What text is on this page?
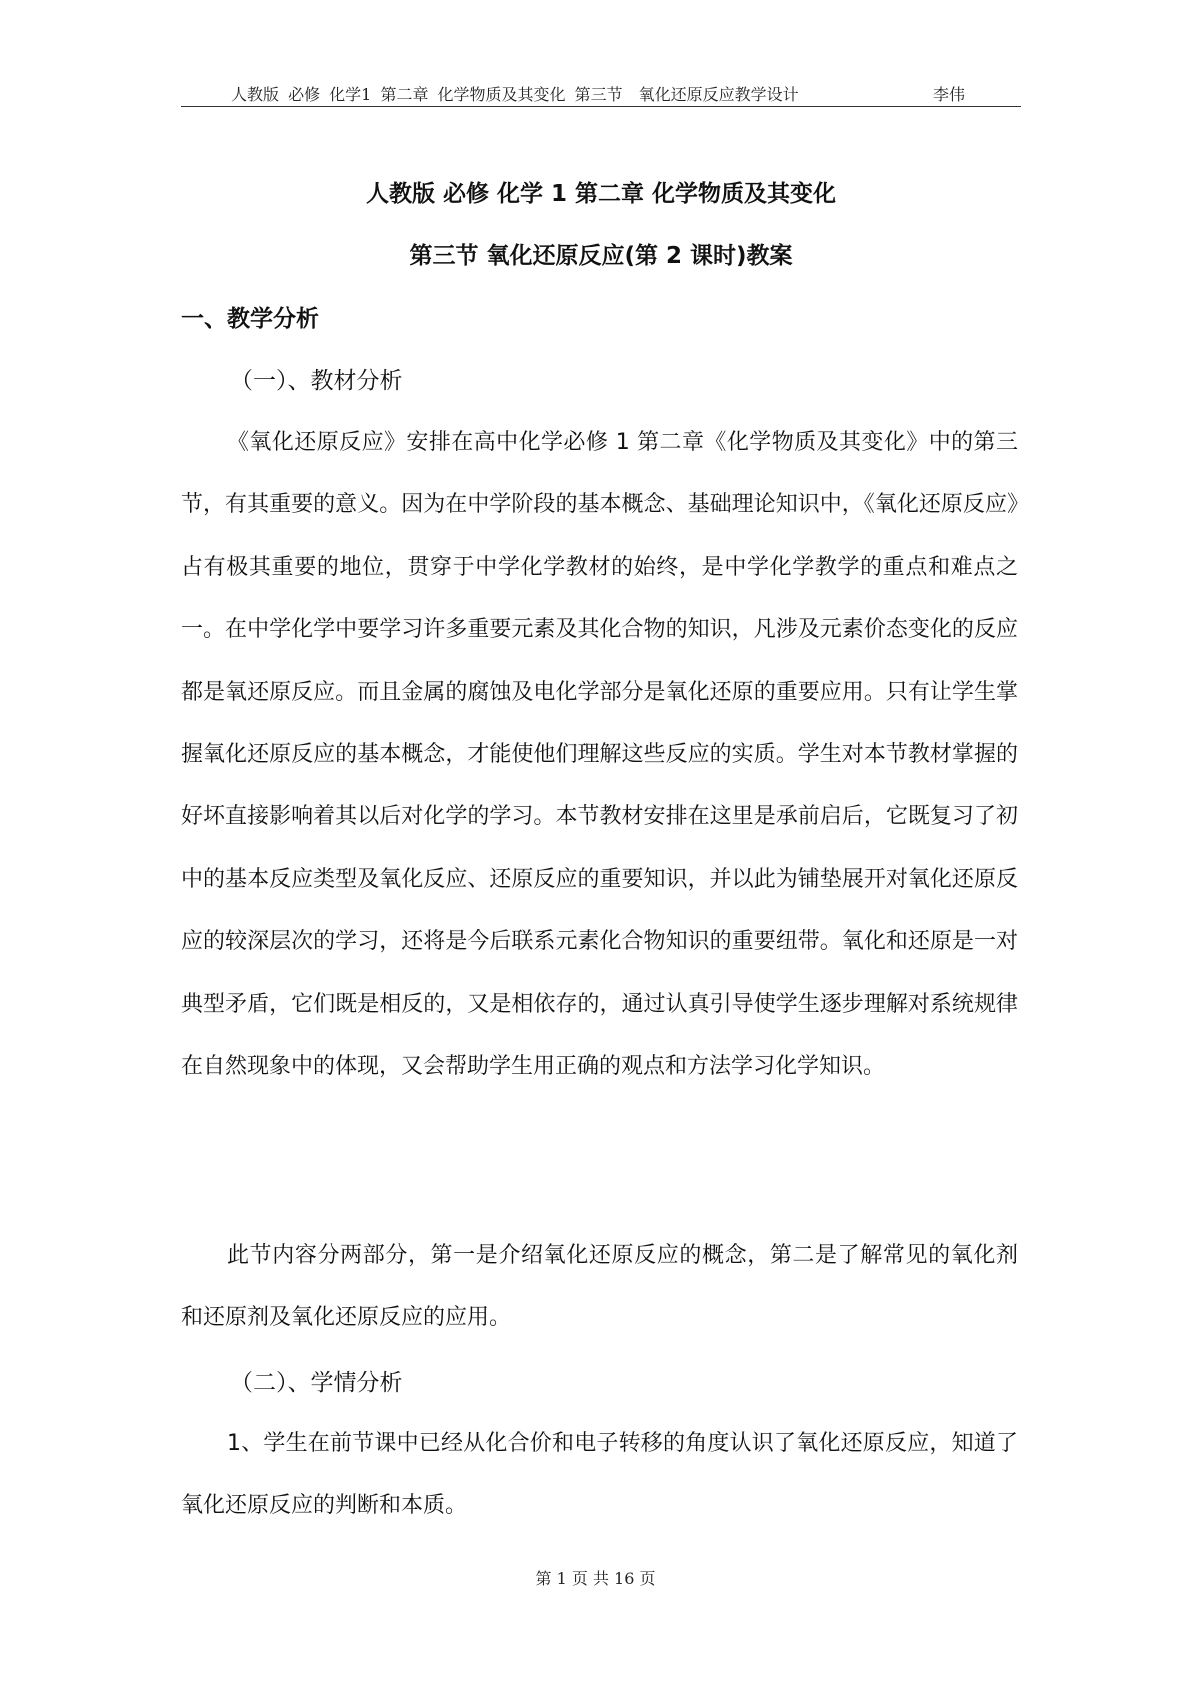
人教版 必修 化学1 第二章 化学物质及其变化 第三节　氧化还原反应教学设计	李伟
人教版 必修 化学 1 第二章 化学物质及其变化
第三节 氧化还原反应(第 2 课时)教案
一、教学分析
（一）、教材分析

《氧化还原反应》安排在高中化学必修 1 第二章《化学物质及其变化》中的第三节，有其重要的意义。因为在中学阶段的基本概念、基础理论知识中，《氧化还原反应》占有极其重要的地位，贯穿于中学化学教材的始终，是中学化学教学的重点和难点之一。在中学化学中要学习许多重要元素及其化合物的知识，凡涉及元素价态变化的反应都是氧还原反应。而且金属的腐蚀及电化学部分是氧化还原的重要应用。只有让学生掌握氧化还原反应的基本概念，才能使他们理解这些反应的实质。学生对本节教材掌握的好坏直接影响着其以后对化学的学习。本节教材安排在这里是承前启后，它既复习了初中的基本反应类型及氧化反应、还原反应的重要知识，并以此为铺垫展开对氧化还原反应的较深层次的学习，还将是今后联系元素化合物知识的重要纽带。氧化和还原是一对典型矛盾，它们既是相反的，又是相依存的，通过认真引导使学生逐步理解对系统规律在自然现象中的体现，又会帮助学生用正确的观点和方法学习化学知识。

此节内容分两部分，第一是介绍氧化还原反应的概念，第二是了解常见的氧化剂和还原剂及氧化还原反应的应用。

（二）、学情分析

1、学生在前节课中已经从化合价和电子转移的角度认识了氧化还原反应，知道了氧化还原反应的判断和本质。

第 1 页 共 16 页
